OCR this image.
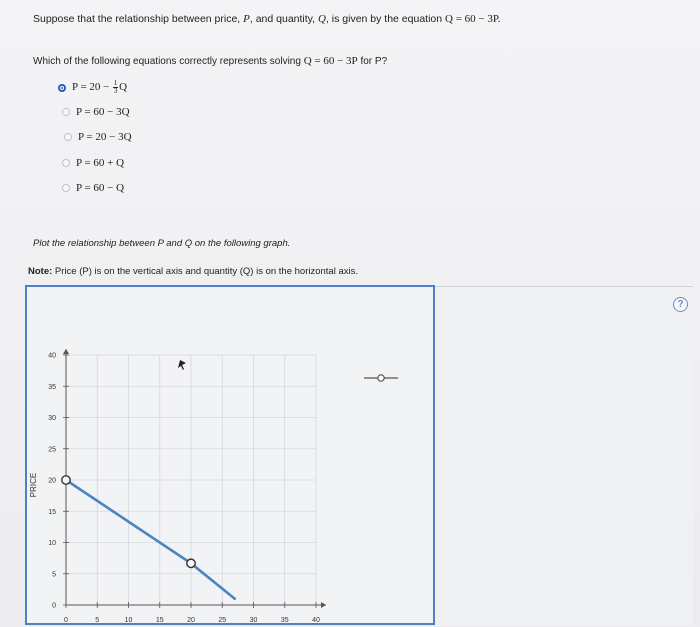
Suppose that the relationship between price, P, and quantity, Q, is given by the equation Q = 60 − 3P.
Which of the following equations correctly represents solving Q = 60 − 3P for P?
$P = 20 - \frac{1}{3}$ Q
P = 60 − 3Q
P = 20 − 3Q
P = 60 + Q
P = 60 − Q
Plot the relationship between P and Q on the following graph.
Note: Price (P) is on the vertical axis and quantity (Q) is on the horizontal axis.
?
0	5	10	15	20	25	30	35	40
0
5
10
15
20
25
30
35
40
PRICE
